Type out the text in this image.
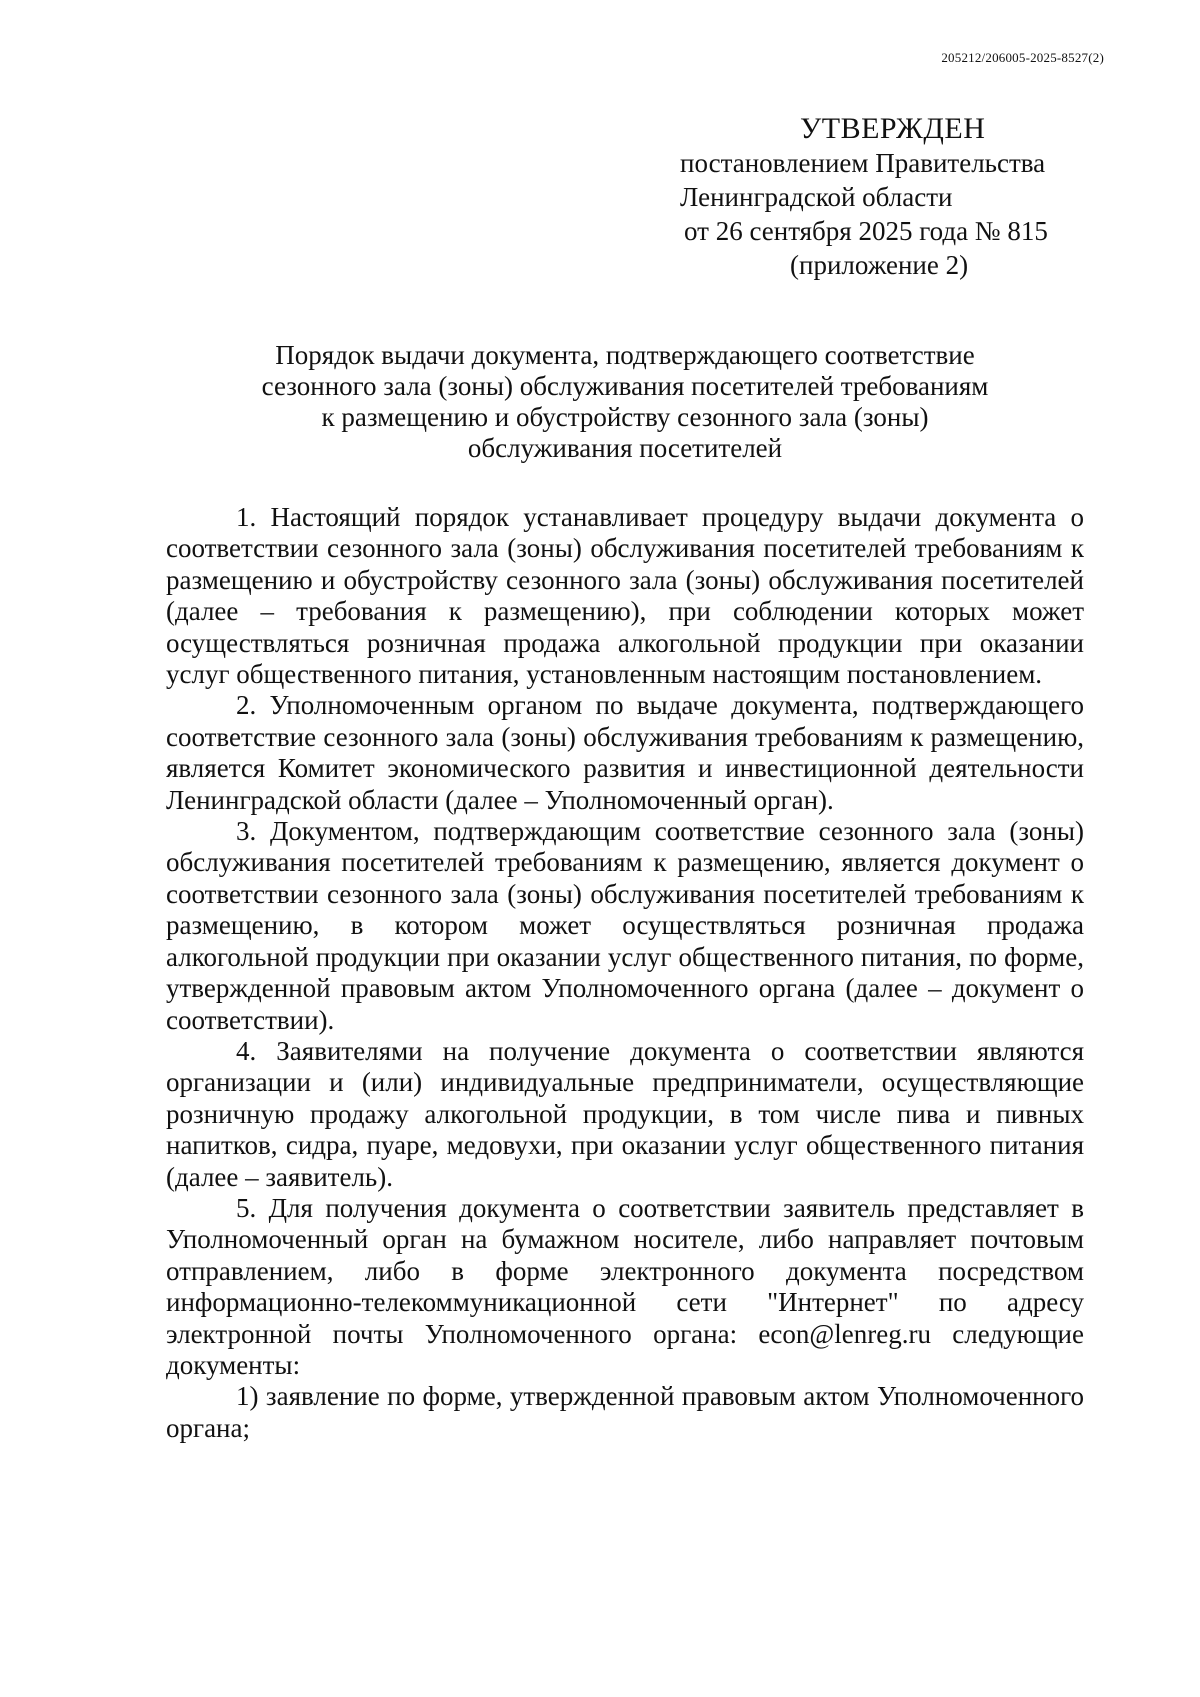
205212/206005-2025-8527(2)
УТВЕРЖДЕН
постановлением Правительства
Ленинградской области
от 26 сентября 2025 года № 815
(приложение 2)
Порядок выдачи документа, подтверждающего соответствие
сезонного зала (зоны) обслуживания посетителей требованиям
к размещению и обустройству сезонного зала (зоны)
обслуживания посетителей

1. Настоящий порядок устанавливает процедуру выдачи документа о соответствии сезонного зала (зоны) обслуживания посетителей требованиям к размещению и обустройству сезонного зала (зоны) обслуживания посетителей (далее – требования к размещению), при соблюдении которых может осуществляться розничная продажа алкогольной продукции при оказании услуг общественного питания, установленным настоящим постановлением.

2. Уполномоченным органом по выдаче документа, подтверждающего соответствие сезонного зала (зоны) обслуживания требованиям к размещению, является Комитет экономического развития и инвестиционной деятельности Ленинградской области (далее – Уполномоченный орган).

3. Документом, подтверждающим соответствие сезонного зала (зоны) обслуживания посетителей требованиям к размещению, является документ о соответствии сезонного зала (зоны) обслуживания посетителей требованиям к размещению, в котором может осуществляться розничная продажа алкогольной продукции при оказании услуг общественного питания, по форме, утвержденной правовым актом Уполномоченного органа (далее – документ о соответствии).

4. Заявителями на получение документа о соответствии являются организации и (или) индивидуальные предприниматели, осуществляющие розничную продажу алкогольной продукции, в том числе пива и пивных напитков, сидра, пуаре, медовухи, при оказании услуг общественного питания (далее – заявитель).

5. Для получения документа о соответствии заявитель представляет в Уполномоченный орган на бумажном носителе, либо направляет почтовым отправлением, либо в форме электронного документа посредством информационно-телекоммуникационной сети "Интернет" по адресу электронной почты Уполномоченного органа: econ@lenreg.ru следующие документы:

1) заявление по форме, утвержденной правовым актом Уполномоченного органа;
